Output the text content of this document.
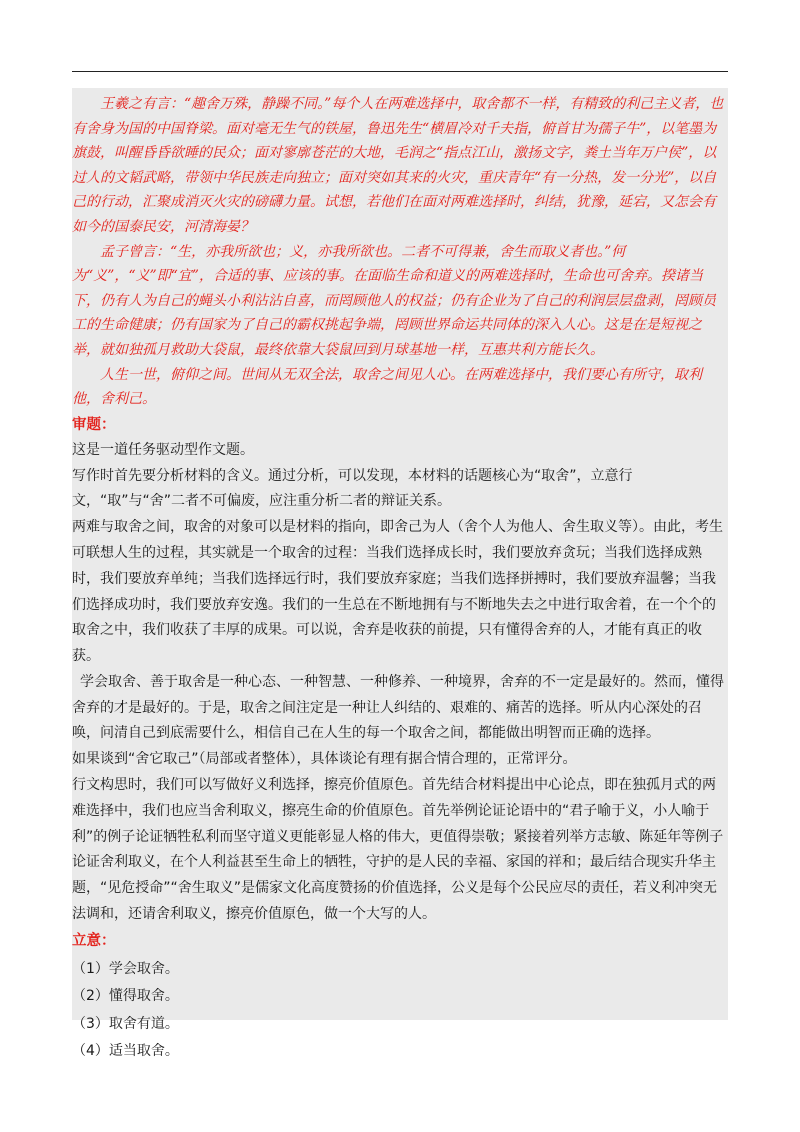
王羲之有言：“趣舍万殊，静躁不同。”每个人在两难选择中，取舍都不一样，有精致的利己主义者，也有舍身为国的中国脊梁。面对毫无生气的铁屋，鲁迅先生“横眉冷对千夫指，俯首甘为孺子牛”，以笔墨为旗鼓，叫醒昏昏欲睡的民众；面对寥廓苍茫的大地，毛润之“指点江山，激扬文字，粪土当年万户侯”，以过人的文韬武略，带领中华民族走向独立；面对突如其来的火灾，重庆青年“有一分热，发一分光”，以自己的行动，汇聚成消灭火灾的磅礴力量。试想，若他们在面对两难选择时，纠结，犹豫，延宕，又怎会有如今的国泰民安，河清海晏？

孟子曾言：“生，亦我所欲也；义，亦我所欲也。二者不可得兼，舍生而取义者也。”何为“义”，“义”即“宜”，合适的事、应该的事。在面临生命和道义的两难选择时，生命也可舍弃。揆诸当下，仍有人为自己的蝇头小利沾沾自喜，而罔顾他人的权益；仍有企业为了自己的利润层层盘剥，罔顾员工的生命健康；仍有国家为了自己的霸权挑起争端，罔顾世界命运共同体的深入人心。这是在是短视之举，就如独孤月救助大袋鼠，最终依靠大袋鼠回到月球基地一样，互惠共利方能长久。

人生一世，俯仰之间。世间从无双全法，取舍之间见人心。在两难选择中，我们要心有所守，取利他，舍利己。

审题：

这是一道任务驱动型作文题。

写作时首先要分析材料的含义。通过分析，可以发现，本材料的话题核心为“取舍”，立意行文，“取”与“舍”二者不可偏废，应注重分析二者的辩证关系。

两难与取舍之间，取舍的对象可以是材料的指向，即舍己为人（舍个人为他人、舍生取义等）。由此，考生可联想人生的过程，其实就是一个取舍的过程：当我们选择成长时，我们要放弃贪玩；当我们选择成熟时，我们要放弃单纯；当我们选择远行时，我们要放弃家庭；当我们选择拼搏时，我们要放弃温馨；当我们选择成功时，我们要放弃安逸。我们的一生总在不断地拥有与不断地失去之中进行取舍着，在一个个的取舍之中，我们收获了丰厚的成果。可以说，舍弃是收获的前提，只有懂得舍弃的人，才能有真正的收获。

学会取舍、善于取舍是一种心态、一种智慧、一种修养、一种境界，舍弃的不一定是最好的。然而，懂得舍弃的才是最好的。于是，取舍之间注定是一种让人纠结的、艰难的、痛苦的选择。听从内心深处的召唤，问清自己到底需要什么，相信自己在人生的每一个取舍之间，都能做出明智而正确的选择。

如果谈到“舍它取己”（局部或者整体），具体谈论有理有据合情合理的，正常评分。

行文构思时，我们可以写做好义利选择，擦亮价值原色。首先结合材料提出中心论点，即在独孤月式的两难选择中，我们也应当舍利取义，擦亮生命的价值原色。首先举例论证论语中的“君子喻于义，小人喻于利”的例子论证牺牲私利而坚守道义更能彰显人格的伟大，更值得崇敬；紧接着列举方志敏、陈延年等例子论证舍利取义，在个人利益甚至生命上的牺牲，守护的是人民的幸福、家国的祥和；最后结合现实升华主题，“见危授命”“舍生取义”是儒家文化高度赞扬的价值选择，公义是每个公民应尽的责任，若义利冲突无法调和，还请舍利取义，擦亮价值原色，做一个大写的人。

立意：

（1）学会取舍。

（2）懂得取舍。

（3）取舍有道。

（4）适当取舍。
